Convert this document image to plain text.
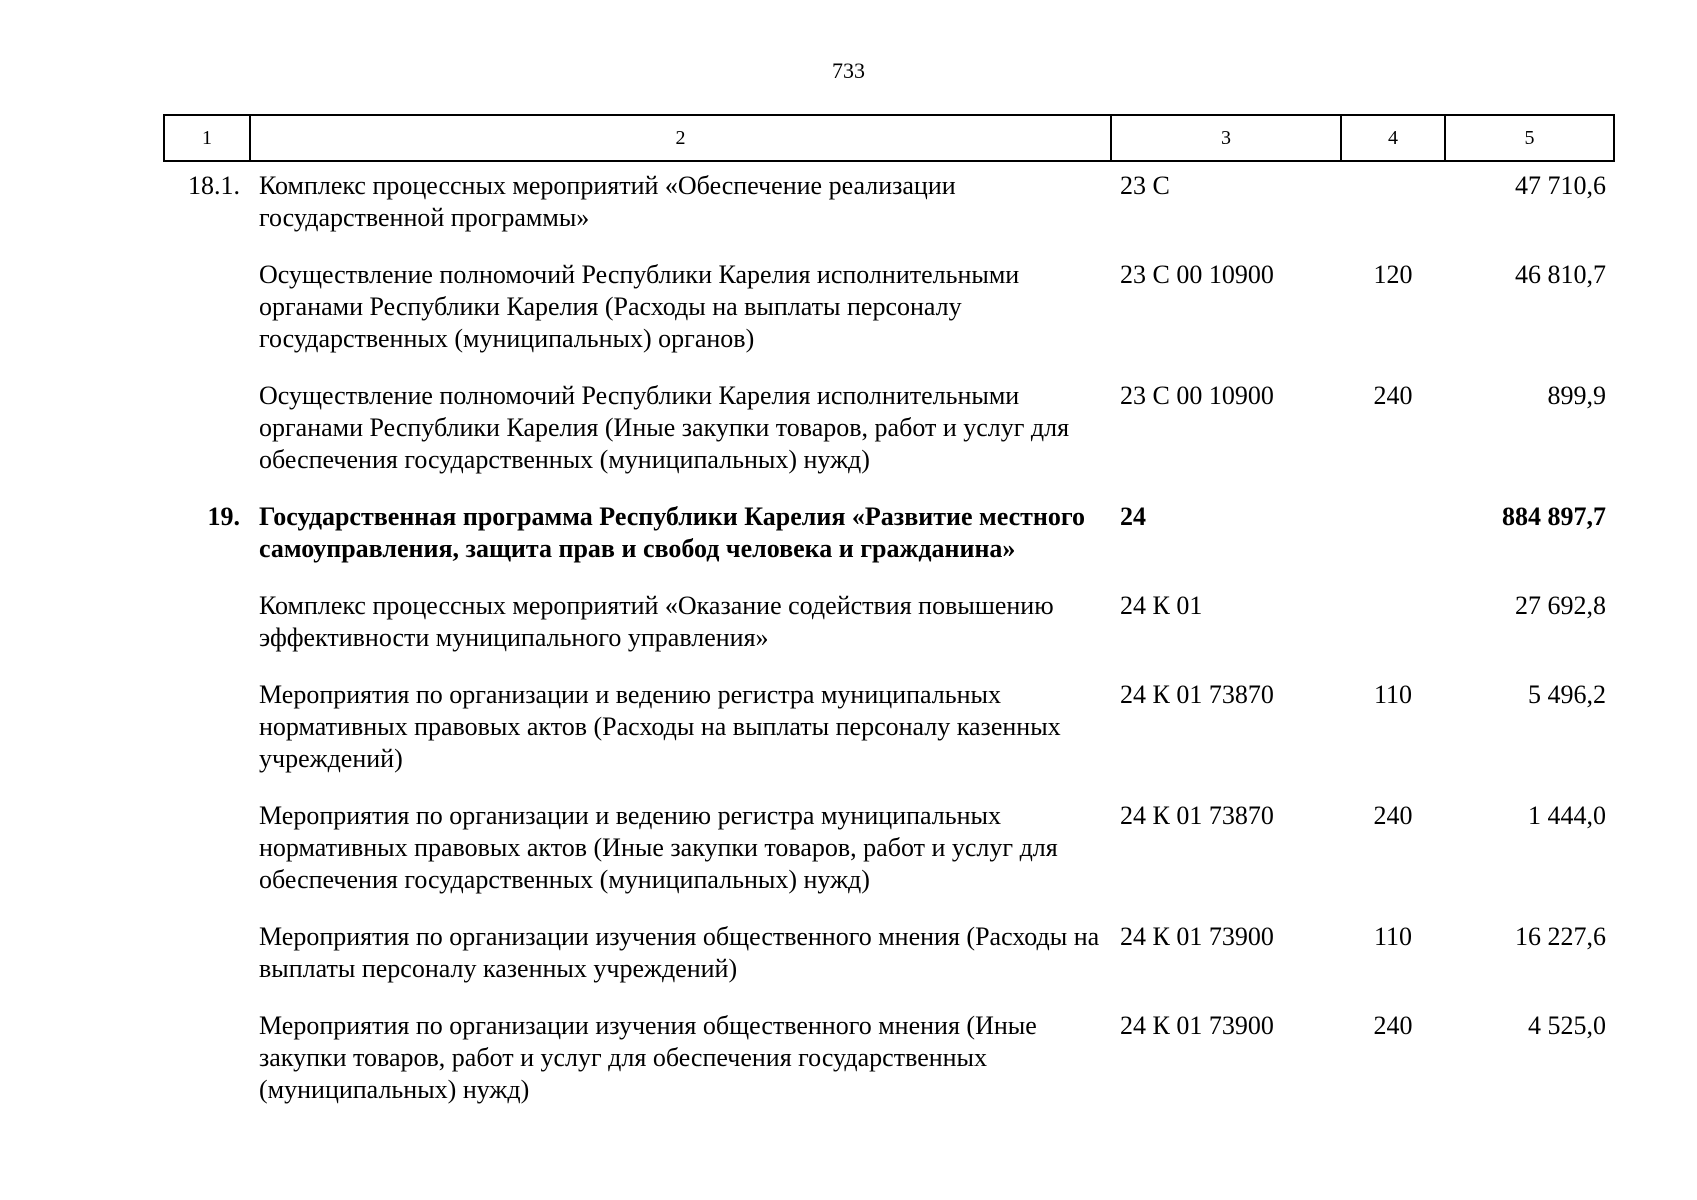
733
1	2	3	4	5
18.1.	Комплекс процессных мероприятий «Обеспечение реализации государственной программы»	23 С		47 710,6
	Осуществление полномочий Республики Карелия исполнительными органами Республики Карелия (Расходы на выплаты персоналу государственных (муниципальных) органов)	23 С 00 10900	120	46 810,7
	Осуществление полномочий Республики Карелия исполнительными органами Республики Карелия (Иные закупки товаров, работ и услуг для обеспечения государственных (муниципальных) нужд)	23 С 00 10900	240	899,9
19.	Государственная программа Республики Карелия «Развитие местного самоуправления, защита прав и свобод человека и гражданина»	24		884 897,7
	Комплекс процессных мероприятий «Оказание содействия повышению эффективности муниципального управления»	24 К 01		27 692,8
	Мероприятия по организации и ведению регистра муниципальных нормативных правовых актов (Расходы на выплаты персоналу казенных учреждений)	24 К 01 73870	110	5 496,2
	Мероприятия по организации и ведению регистра муниципальных нормативных правовых актов (Иные закупки товаров, работ и услуг для обеспечения государственных (муниципальных) нужд)	24 К 01 73870	240	1 444,0
	Мероприятия по организации изучения общественного мнения (Расходы на выплаты персоналу казенных учреждений)	24 К 01 73900	110	16 227,6
	Мероприятия по организации изучения общественного мнения (Иные закупки товаров, работ и услуг для обеспечения государственных (муниципальных) нужд)	24 К 01 73900	240	4 525,0
